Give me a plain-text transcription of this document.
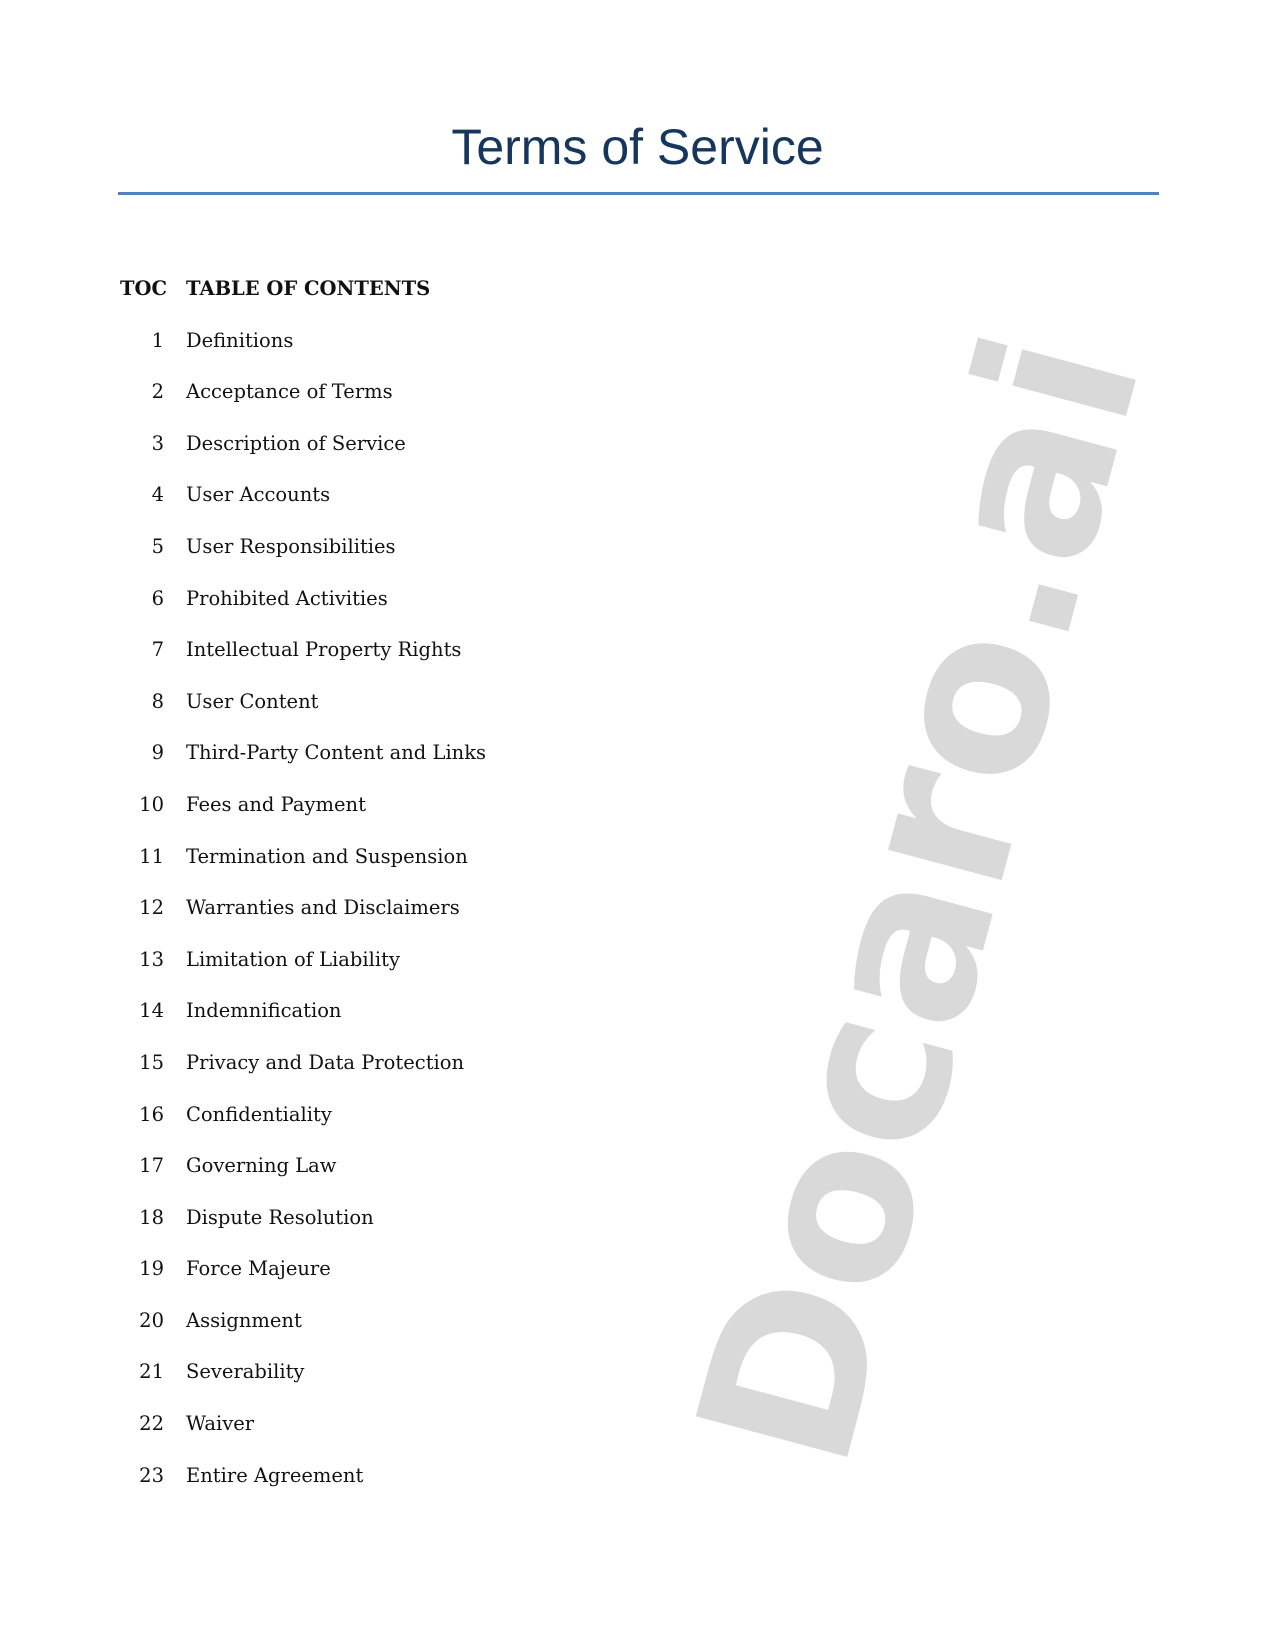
Terms of Service
TOC TABLE OF CONTENTS
1	Definitions
2	Acceptance of Terms
3	Description of Service
4	User Accounts
5	User Responsibilities
6	Prohibited Activities
7	Intellectual Property Rights
8	User Content
9	Third-Party Content and Links
10	Fees and Payment
11	Termination and Suspension
12	Warranties and Disclaimers
13	Limitation of Liability
14	Indemnification
15	Privacy and Data Protection
16	Confidentiality
17	Governing Law
18	Dispute Resolution
19	Force Majeure
20	Assignment
21	Severability
22	Waiver
23	Entire Agreement Docaro.ai
